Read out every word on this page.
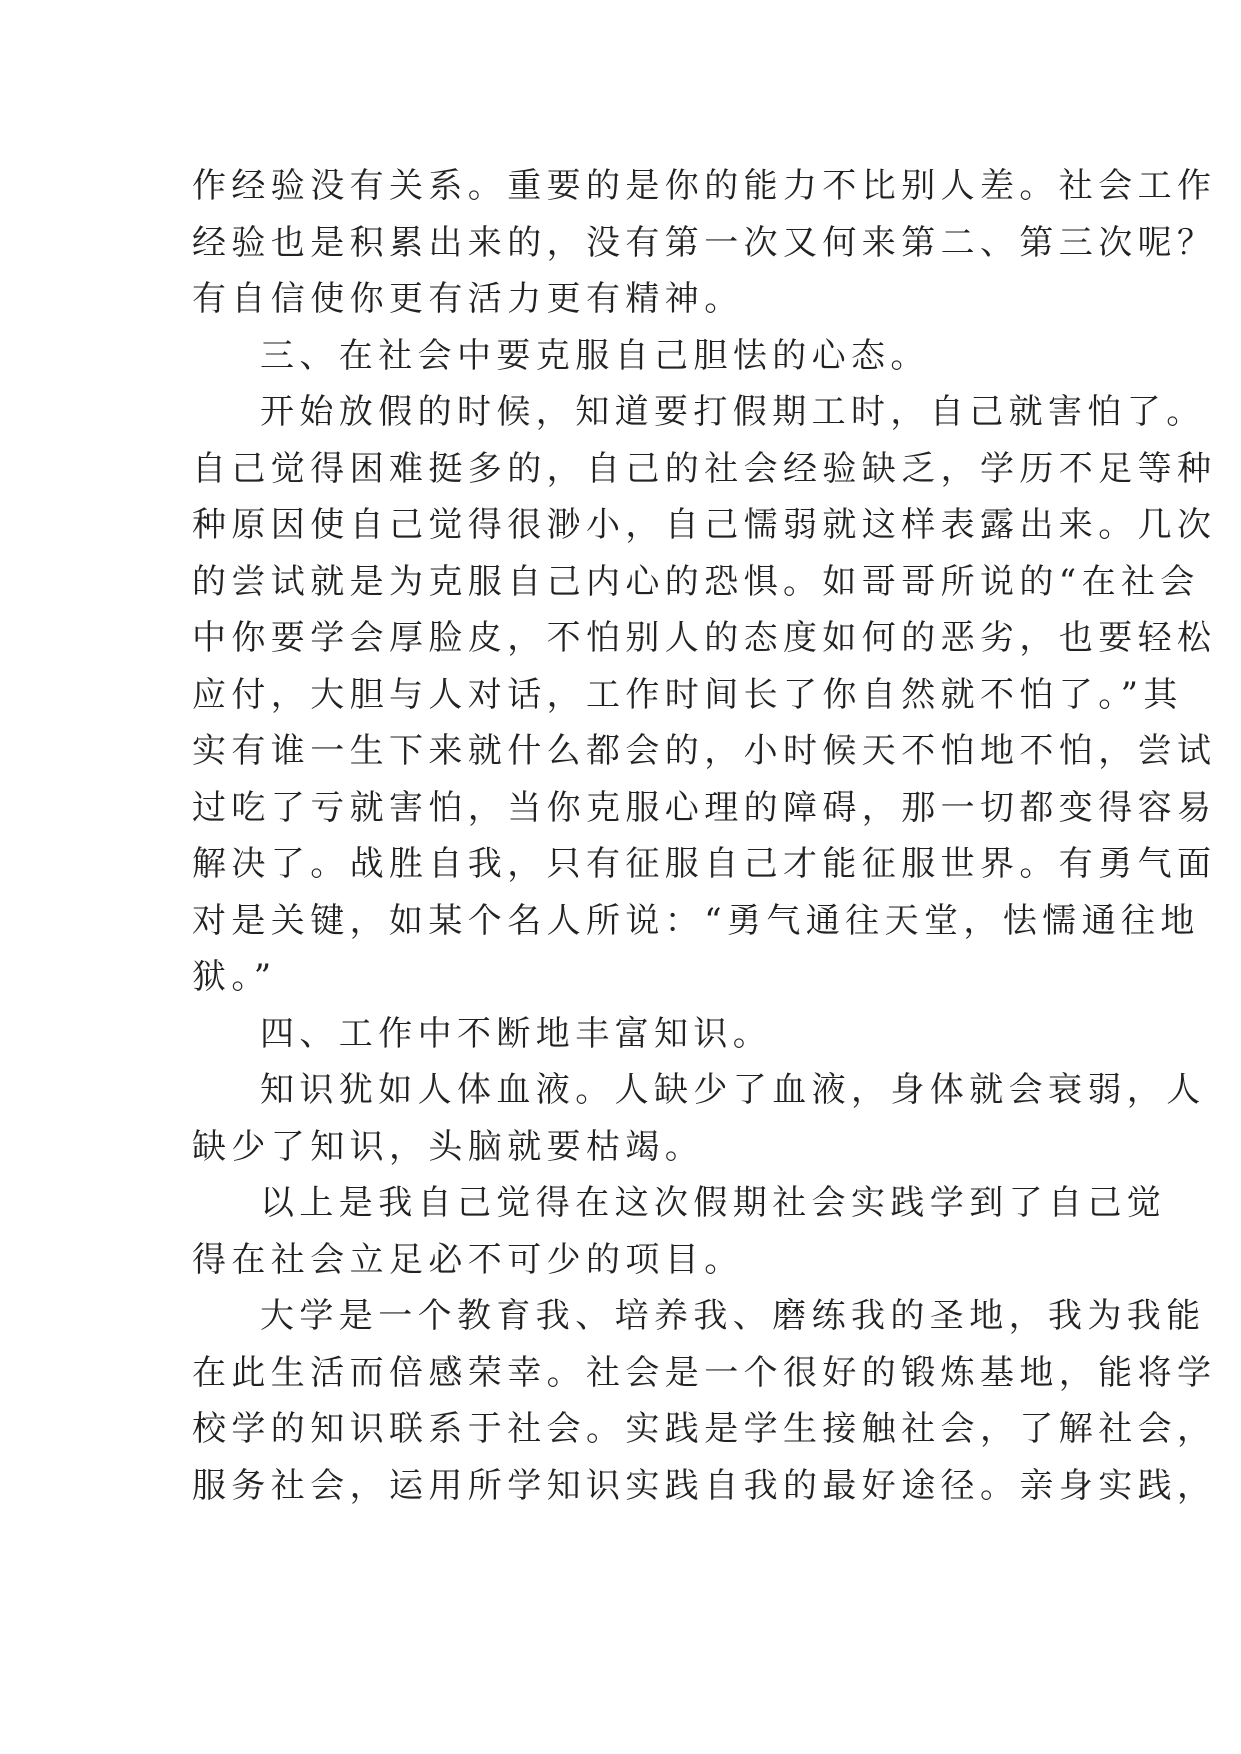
作经验没有关系。重要的是你的能力不比别人差。社会工作
经验也是积累出来的，没有第一次又何来第二、第三次呢？
有自信使你更有活力更有精神。
三、在社会中要克服自己胆怯的心态。
开始放假的时候，知道要打假期工时，自己就害怕了。
自己觉得困难挺多的，自己的社会经验缺乏，学历不足等种
种原因使自己觉得很渺小，自己懦弱就这样表露出来。几次
的尝试就是为克服自己内心的恐惧。如哥哥所说的“在社会
中你要学会厚脸皮，不怕别人的态度如何的恶劣，也要轻松
应付，大胆与人对话，工作时间长了你自然就不怕了。”其
实有谁一生下来就什么都会的，小时候天不怕地不怕，尝试
过吃了亏就害怕，当你克服心理的障碍，那一切都变得容易
解决了。战胜自我，只有征服自己才能征服世界。有勇气面
对是关键，如某个名人所说：“勇气通往天堂，怯懦通往地
狱。”
四、工作中不断地丰富知识。
知识犹如人体血液。人缺少了血液，身体就会衰弱，人
缺少了知识，头脑就要枯竭。
以上是我自己觉得在这次假期社会实践学到了自己觉
得在社会立足必不可少的项目。
大学是一个教育我、培养我、磨练我的圣地，我为我能
在此生活而倍感荣幸。社会是一个很好的锻炼基地，能将学
校学的知识联系于社会。实践是学生接触社会，了解社会，
服务社会，运用所学知识实践自我的最好途径。亲身实践，
